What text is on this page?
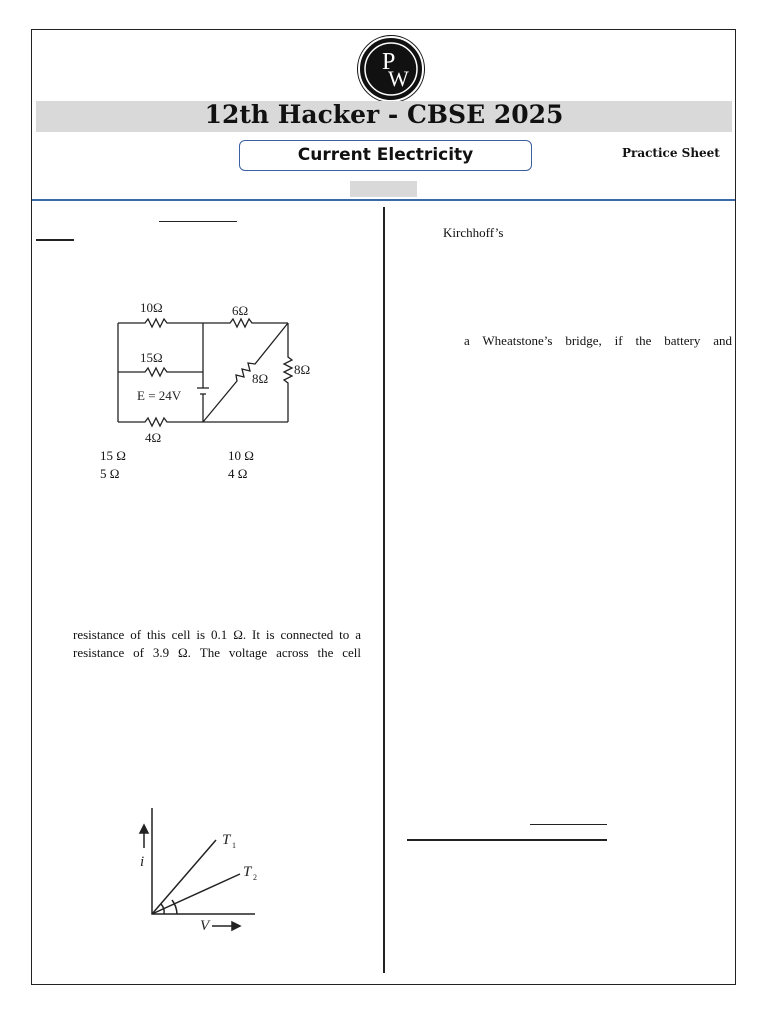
P
W
12th Hacker - CBSE 2025
Current Electricity	Practice Sheet
10Ω	6Ω
15Ω
E = 24V
8Ω
8Ω
4Ω
15 Ω	10 Ω
5 Ω	4 Ω
resistance of this cell is 0.1 Ω. It is connected to a
resistance of 3.9 Ω. The voltage across the cell
i
V
T 1
T 2
Kirchhoff’s
a Wheatstone’s bridge, if the battery and
